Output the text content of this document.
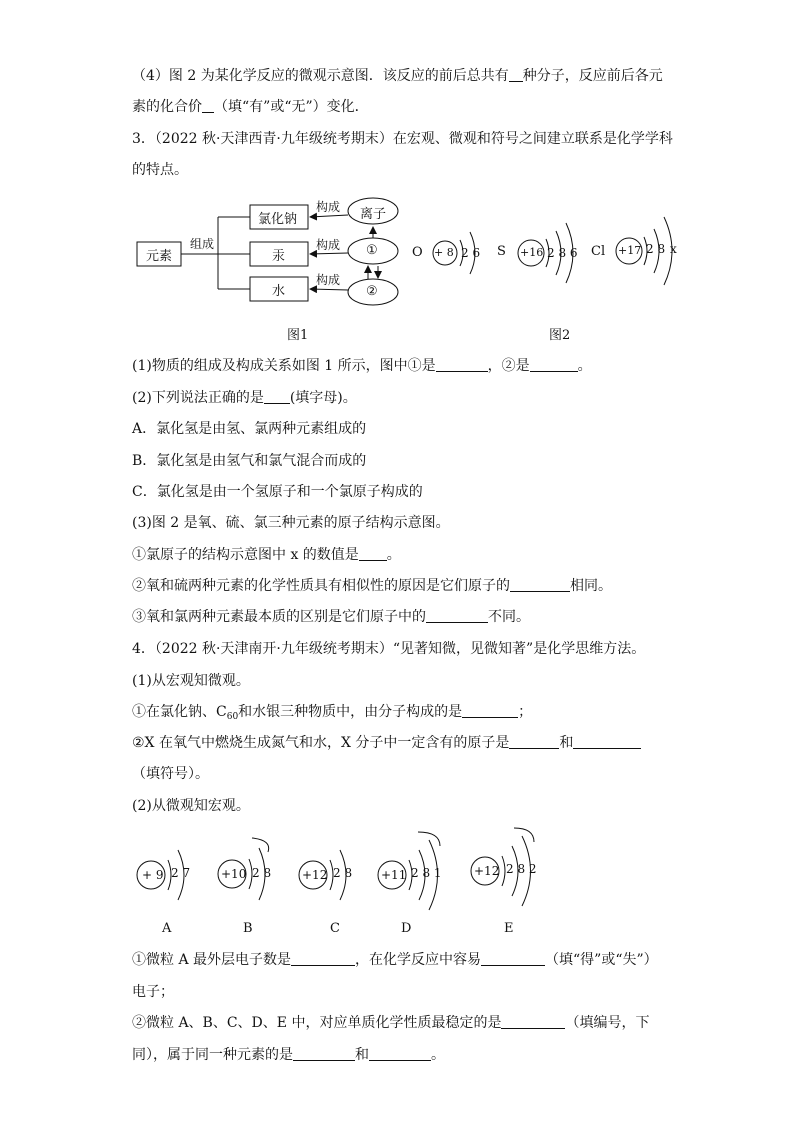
（4）图 2 为某化学反应的微观示意图．该反应的前后总共有 种分子，反应前后各元
素的化合价 （填“有”或“无”）变化．
3．（2022 秋·天津西青·九年级统考期末）在宏观、微观和符号之间建立联系是化学学科
的特点。
元素
组成
氯化钠
汞
水
离子
①
②
构成
构成
构成
图1
O + 8 2 6 S +16 2 8 6 Cl +17 2 8 x
图2
(1)物质的组成及构成关系如图 1 所示，图中①是	，②是	。
(2)下列说法正确的是 (填字母)。
A．氯化氢是由氢、氯两种元素组成的
B．氯化氢是由氢气和氯气混合而成的
C．氯化氢是由一个氢原子和一个氯原子构成的
(3)图 2 是氧、硫、氯三种元素的原子结构示意图。
①氯原子的结构示意图中 x 的数值是 。
②氧和硫两种元素的化学性质具有相似性的原因是它们原子的	相同。
③氧和氯两种元素最本质的区别是它们原子中的	不同。
4．（2022 秋·天津南开·九年级统考期末）“见著知微，见微知著”是化学思维方法。
(1)从宏观知微观。
①在氯化钠、$C_{60}$和水银三种物质中，由分子构成的是	；
②X 在氧气中燃烧生成氮气和水，X 分子中一定含有的原子是	和
（填符号）。
(2)从微观知宏观。
+ 9 2 7
A
+10 2 8
B
+12 2 8
C
+11 2 8 1
D
+12 2 8 2
E
①微粒 A 最外层电子数是	，在化学反应中容易	（填“得”或“失”）
电子；
②微粒 A、B、C、D、E 中，对应单质化学性质最稳定的是	（填编号，下
同），属于同一种元素的是	和	。
